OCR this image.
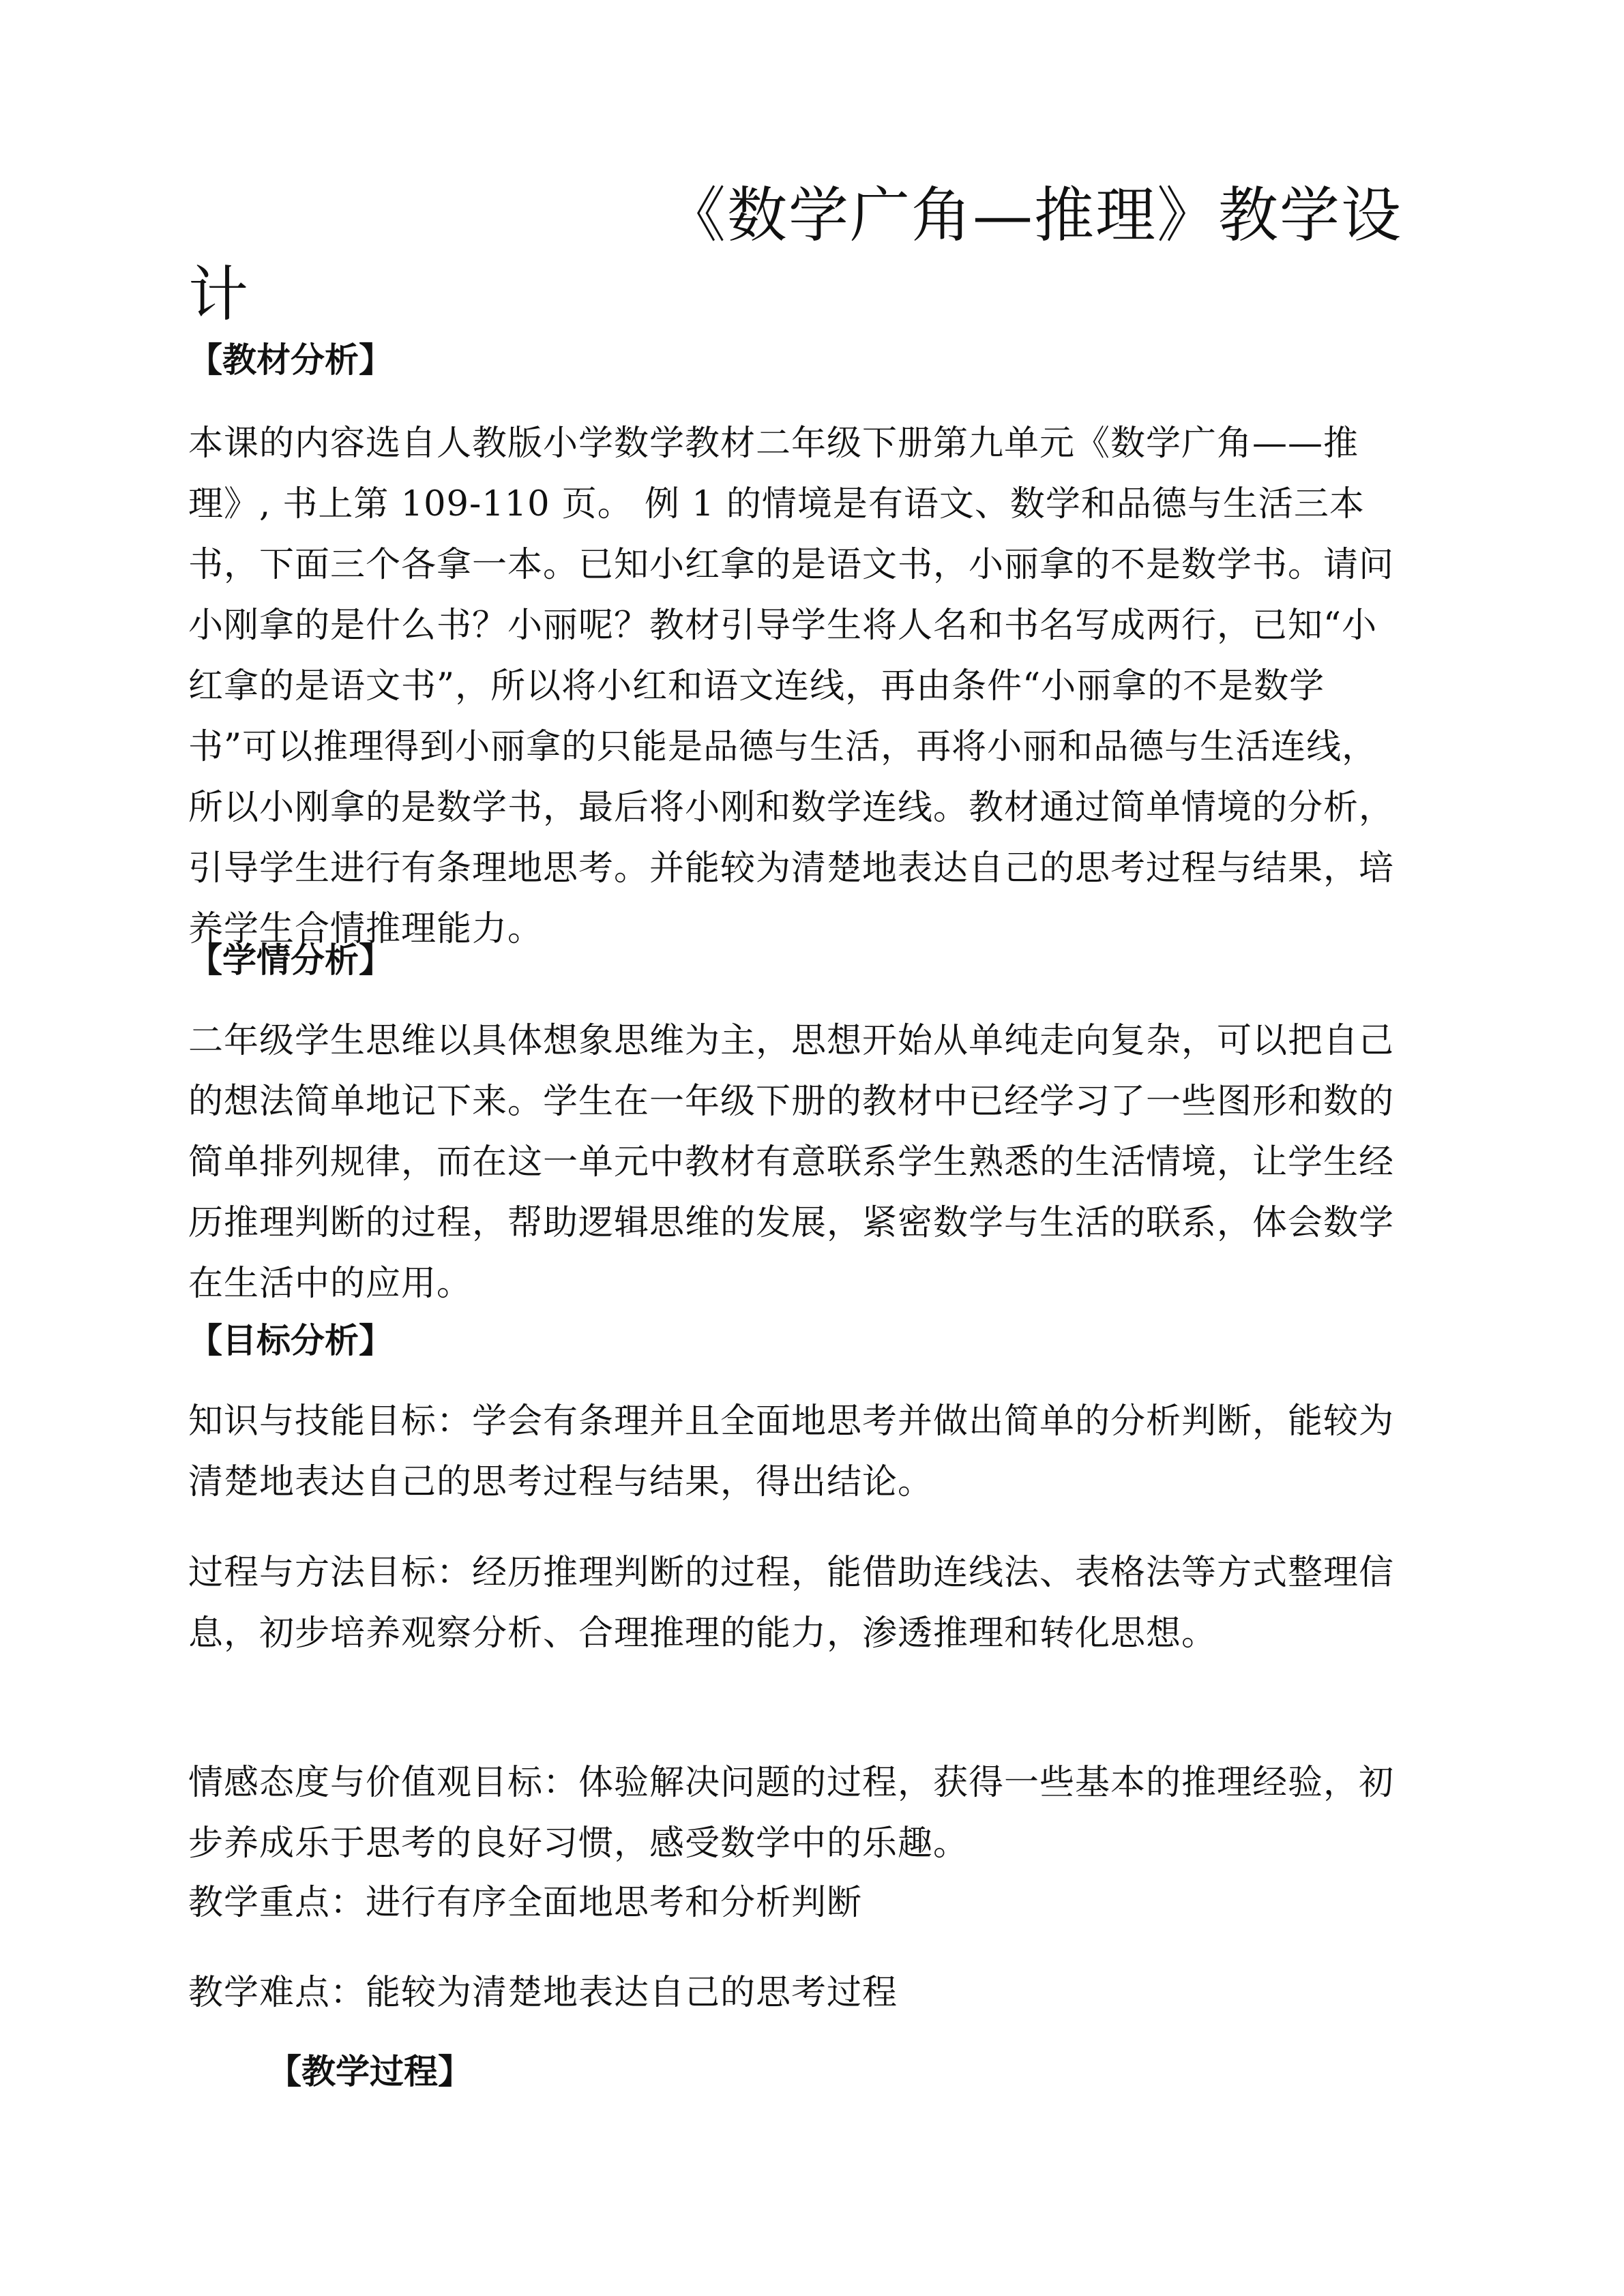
《数学广角—推理》教学设计
【教材分析】

本课的内容选自人教版小学数学教材二年级下册第九单元《数学广角——推理》, 书上第 109-110 页。 例 1 的情境是有语文、数学和品德与生活三本书，下面三个各拿一本。已知小红拿的是语文书，小丽拿的不是数学书。请问小刚拿的是什么书？小丽呢？教材引导学生将人名和书名写成两行，已知“小红拿的是语文书”，所以将小红和语文连线，再由条件“小丽拿的不是数学书”可以推理得到小丽拿的只能是品德与生活，再将小丽和品德与生活连线，所以小刚拿的是数学书，最后将小刚和数学连线。教材通过简单情境的分析，引导学生进行有条理地思考。并能较为清楚地表达自己的思考过程与结果，培养学生合情推理能力。

【学情分析】

二年级学生思维以具体想象思维为主，思想开始从单纯走向复杂，可以把自己的想法简单地记下来。学生在一年级下册的教材中已经学习了一些图形和数的简单排列规律，而在这一单元中教材有意联系学生熟悉的生活情境，让学生经历推理判断的过程，帮助逻辑思维的发展，紧密数学与生活的联系，体会数学在生活中的应用。

【目标分析】

知识与技能目标：学会有条理并且全面地思考并做出简单的分析判断，能较为清楚地表达自己的思考过程与结果，得出结论。

过程与方法目标：经历推理判断的过程，能借助连线法、表格法等方式整理信息，初步培养观察分析、合理推理的能力，渗透推理和转化思想。

情感态度与价值观目标：体验解决问题的过程，获得一些基本的推理经验，初步养成乐于思考的良好习惯，感受数学中的乐趣。

教学重点：进行有序全面地思考和分析判断

教学难点：能较为清楚地表达自己的思考过程

【教学过程】
